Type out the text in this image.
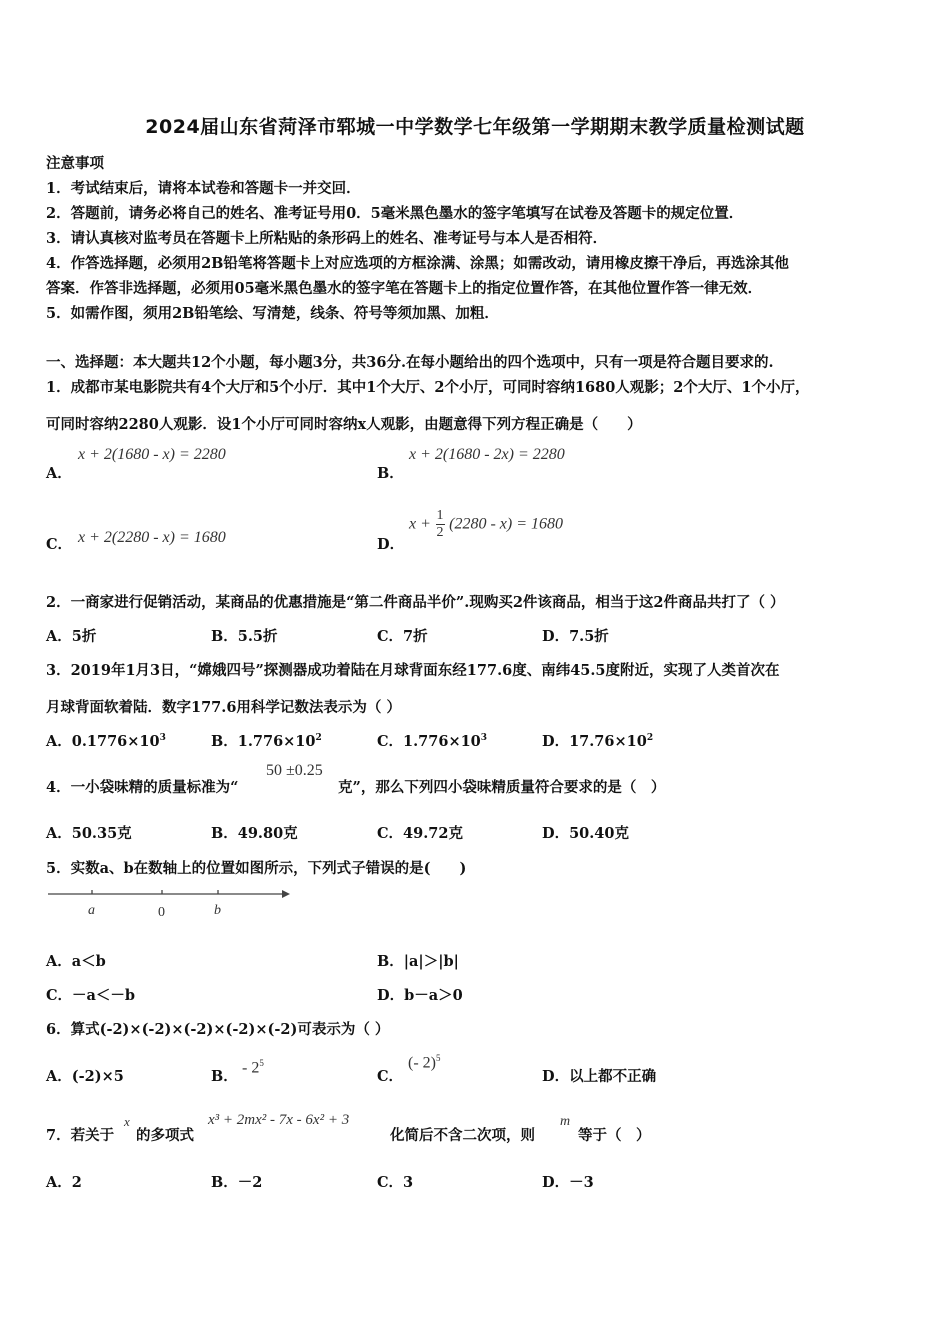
2024届山东省菏泽市郓城一中学数学七年级第一学期期末教学质量检测试题
注意事项
1．考试结束后，请将本试卷和答题卡一并交回．
2．答题前，请务必将自己的姓名、准考证号用0．5毫米黑色墨水的签字笔填写在试卷及答题卡的规定位置．
3．请认真核对监考员在答题卡上所粘贴的条形码上的姓名、准考证号与本人是否相符．
4．作答选择题，必须用2B铅笔将答题卡上对应选项的方框涂满、涂黑；如需改动，请用橡皮擦干净后，再选涂其他
答案．作答非选择题，必须用05毫米黑色墨水的签字笔在答题卡上的指定位置作答，在其他位置作答一律无效．
5．如需作图，须用2B铅笔绘、写清楚，线条、符号等须加黑、加粗．
一、选择题：本大题共12个小题，每小题3分，共36分.在每小题给出的四个选项中，只有一项是符合题目要求的.
1．成都市某电影院共有4个大厅和5个小厅．其中1个大厅、2个小厅，可同时容纳1680人观影；2个大厅、1个小厅，
可同时容纳2280人观影．设1个小厅可同时容纳x人观影，由题意得下列方程正确是（　　）
A．
x + 2(1680 - x) = 2280
B．
x + 2(1680 - 2x) = 2280
C． x + 2(2280 - x) = 1680	D．
$x + \frac{1}{2} (2280 - x) = 1680$
2．一商家进行促销活动，某商品的优惠措施是“第二件商品半价”.现购买2件该商品，相当于这2件商品共打了（ ）
A．5折	B．5.5折	C．7折	D．7.5折
3．2019年1月3日，“嫦娥四号”探测器成功着陆在月球背面东经177.6度、南纬45.5度附近，实现了人类首次在
月球背面软着陆．数字177.6用科学记数法表示为（ ）
A．$0.1776\times 10^3$	B．$1.776\times 10^2$	C．$1.776\times 10^3$	D．$17.76\times 10^2$
4．一小袋味精的质量标准为“
50 ±0.25
克”，那么下列四小袋味精质量符合要求的是（　）
A．50.35克	B．49.80克	C．49.72克	D．50.40克
5．实数a、b在数轴上的位置如图所示，下列式子错误的是(　　)
a	0	b
A．a＜b	B．|a|＞|b|
C．－a＜－b	D．b－a＞0
6．算式(-2)×(-2)×(-2)×(-2)×(-2)可表示为（ ）
A．(-2)×5	B．
- $2^5$
C．
(- 2)$^5$
D．以上都不正确
7．若关于
x
的多项式
x³ + 2mx² - 7x - 6x² + 3
化简后不含二次项，则
m
等于（　）
A．2	B．－2	C．3	D．－3
